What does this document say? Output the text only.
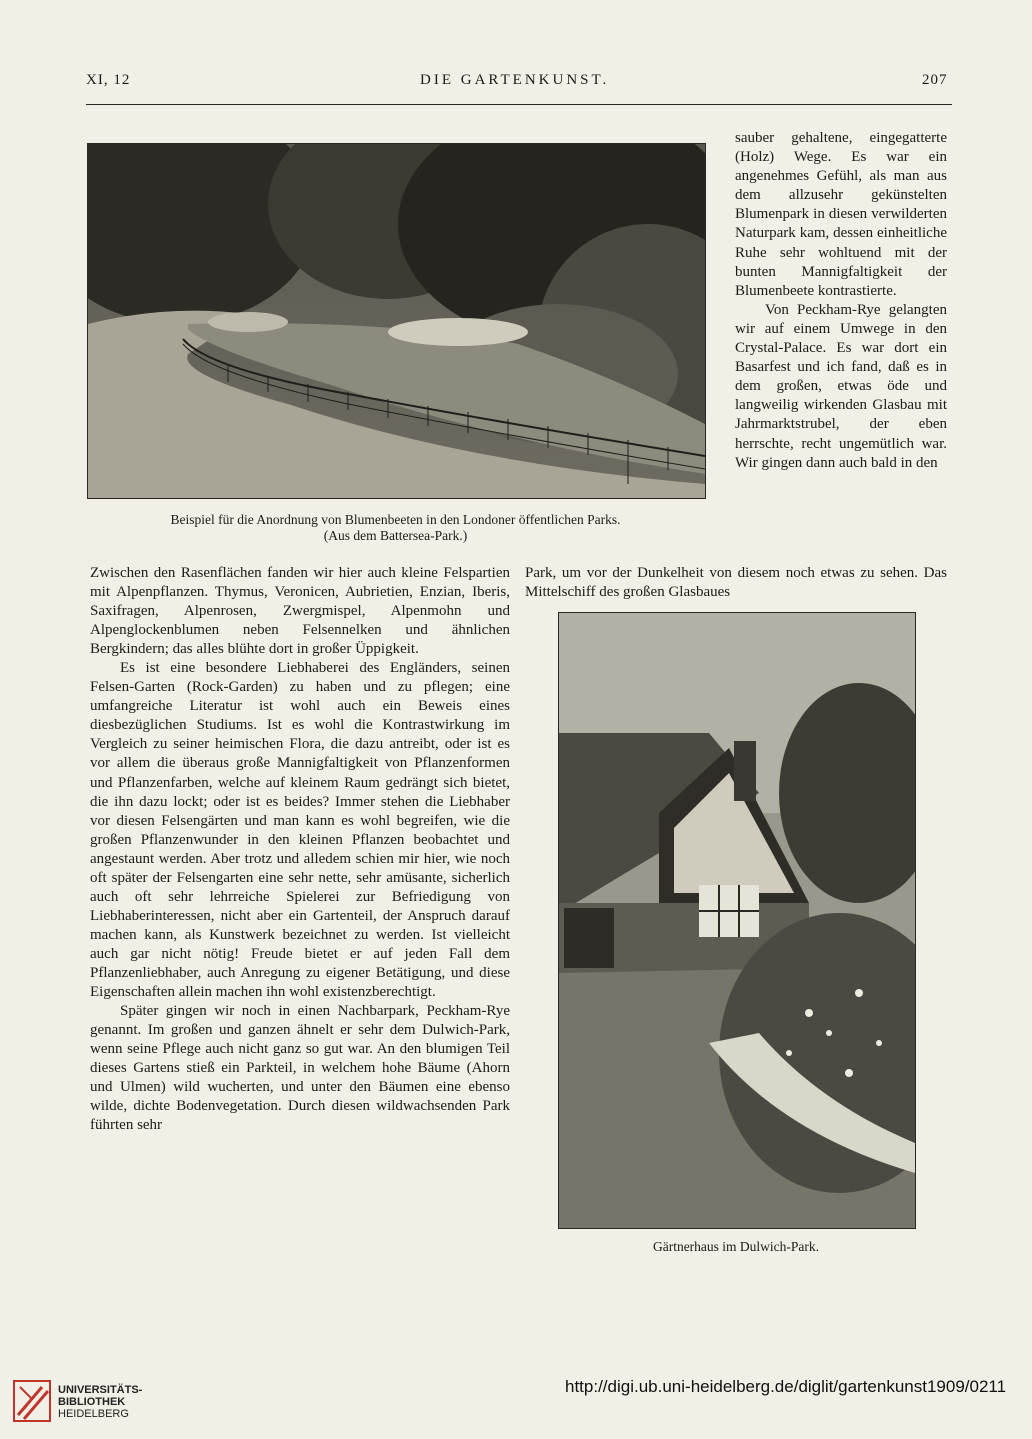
XI, 12	DIE GARTENKUNST.	207
Beispiel für die Anordnung von Blumenbeeten in den Londoner öffentlichen Parks.
(Aus dem Battersea-Park.)

sauber gehaltene, eingegatterte (Holz) Wege. Es war ein angenehmes Gefühl, als man aus dem allzusehr gekünstelten Blumenpark in diesen verwilderten Naturpark kam, dessen einheitliche Ruhe sehr wohltuend mit der bunten Mannigfaltigkeit der Blumenbeete kontrastierte.

Von Peckham-Rye gelangten wir auf einem Umwege in den Crystal-Palace. Es war dort ein Basarfest und ich fand, daß es in dem großen, etwas öde und langweilig wirkenden Glasbau mit Jahrmarktstrubel, der eben herrschte, recht ungemütlich war. Wir gingen dann auch bald in den

Zwischen den Rasenflächen fanden wir hier auch kleine Felspartien mit Alpenpflanzen. Thymus, Veronicen, Aubrietien, Enzian, Iberis, Saxifragen, Alpenrosen, Zwergmispel, Alpenmohn und Alpenglockenblumen neben Felsennelken und ähnlichen Bergkindern; das alles blühte dort in großer Üppigkeit.

Es ist eine besondere Liebhaberei des Engländers, seinen Felsen-Garten (Rock-Garden) zu haben und zu pflegen; eine umfangreiche Literatur ist wohl auch ein Beweis eines diesbezüglichen Studiums. Ist es wohl die Kontrastwirkung im Vergleich zu seiner heimischen Flora, die dazu antreibt, oder ist es vor allem die überaus große Mannigfaltigkeit von Pflanzenformen und Pflanzenfarben, welche auf kleinem Raum gedrängt sich bietet, die ihn dazu lockt; oder ist es beides? Immer stehen die Liebhaber vor diesen Felsengärten und man kann es wohl begreifen, wie die großen Pflanzenwunder in den kleinen Pflanzen beobachtet und angestaunt werden. Aber trotz und alledem schien mir hier, wie noch oft später der Felsengarten eine sehr nette, sehr amüsante, sicherlich auch oft sehr lehrreiche Spielerei zur Befriedigung von Liebhaberinteressen, nicht aber ein Gartenteil, der Anspruch darauf machen kann, als Kunstwerk bezeichnet zu werden. Ist vielleicht auch gar nicht nötig! Freude bietet er auf jeden Fall dem Pflanzenliebhaber, auch Anregung zu eigener Betätigung, und diese Eigenschaften allein machen ihn wohl existenzberechtigt.

Später gingen wir noch in einen Nachbarpark, Peckham-Rye genannt. Im großen und ganzen ähnelt er sehr dem Dulwich-Park, wenn seine Pflege auch nicht ganz so gut war. An den blumigen Teil dieses Gartens stieß ein Parkteil, in welchem hohe Bäume (Ahorn und Ulmen) wild wucherten, und unter den Bäumen eine ebenso wilde, dichte Bodenvegetation. Durch diesen wildwachsenden Park führten sehr

Park, um vor der Dunkelheit von diesem noch etwas zu sehen. Das Mittelschiff des großen Glasbaues

Gärtnerhaus im Dulwich-Park.
UNIVERSITÄTS-
BIBLIOTHEK
HEIDELBERG
http://digi.ub.uni-heidelberg.de/diglit/gartenkunst1909/0211
